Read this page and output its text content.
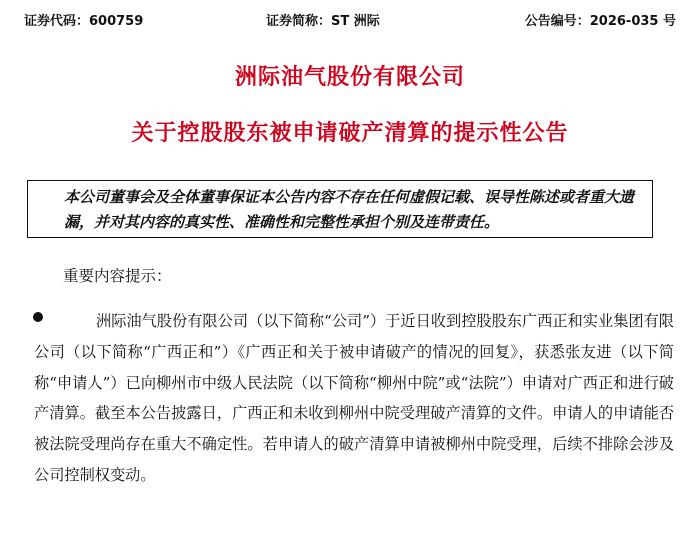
证券代码：600759	证券简称：ST 洲际	公告编号：2026-035 号
洲际油气股份有限公司
关于控股股东被申请破产清算的提示性公告

本公司董事会及全体董事保证本公告内容不存在任何虚假记载、误导性陈述或者重大遗漏，并对其内容的真实性、准确性和完整性承担个别及连带责任。

重要内容提示：
洲际油气股份有限公司（以下简称“公司”）于近日收到控股股东广西正和实业集团有限公司（以下简称“广西正和”）《广西正和关于被申请破产的情况的回复》，获悉张友进（以下简称“申请人”）已向柳州市中级人民法院（以下简称“柳州中院”或“法院”）申请对广西正和进行破产清算。截至本公告披露日，广西正和未收到柳州中院受理破产清算的文件。申请人的申请能否被法院受理尚存在重大不确定性。若申请人的破产清算申请被柳州中院受理，后续不排除会涉及公司控制权变动。
